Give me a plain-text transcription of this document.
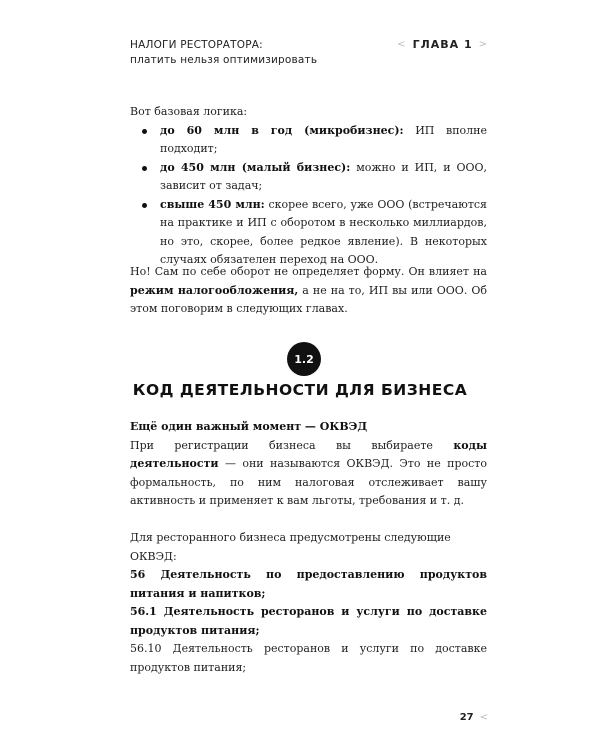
НАЛОГИ РЕСТОРАТОРА:
платить нельзя оптимизировать
< ГЛАВА 1 >

Вот базовая логика:

до 60 млн в год (микробизнес): ИП вполне подходит;
до 450 млн (малый бизнес): можно и ИП, и ООО, зависит от задач;
свыше 450 млн: скорее всего, уже ООО (встречаются на практике и ИП с оборотом в несколько миллиардов, но это, скорее, более редкое явление). В некоторых случаях обязателен переход на ООО.

Но! Сам по себе оборот не определяет форму. Он влияет на режим налогообложения, а не на то, ИП вы или ООО. Об этом поговорим в следующих главах.

1.2
КОД ДЕЯТЕЛЬНОСТИ ДЛЯ БИЗНЕСА

Ещё один важный момент — ОКВЭД

При регистрации бизнеса вы выбираете коды деятельности — они называются ОКВЭД. Это не просто формальность, по ним налоговая отслеживает вашу активность и применяет к вам льготы, требования и т. д.

Для ресторанного бизнеса предусмотрены следующие ОКВЭД:

56 Деятельность по предоставлению продуктов питания и напитков;

56.1 Деятельность ресторанов и услуги по доставке продуктов питания;

56.10 Деятельность ресторанов и услуги по доставке продуктов питания;

27 <
